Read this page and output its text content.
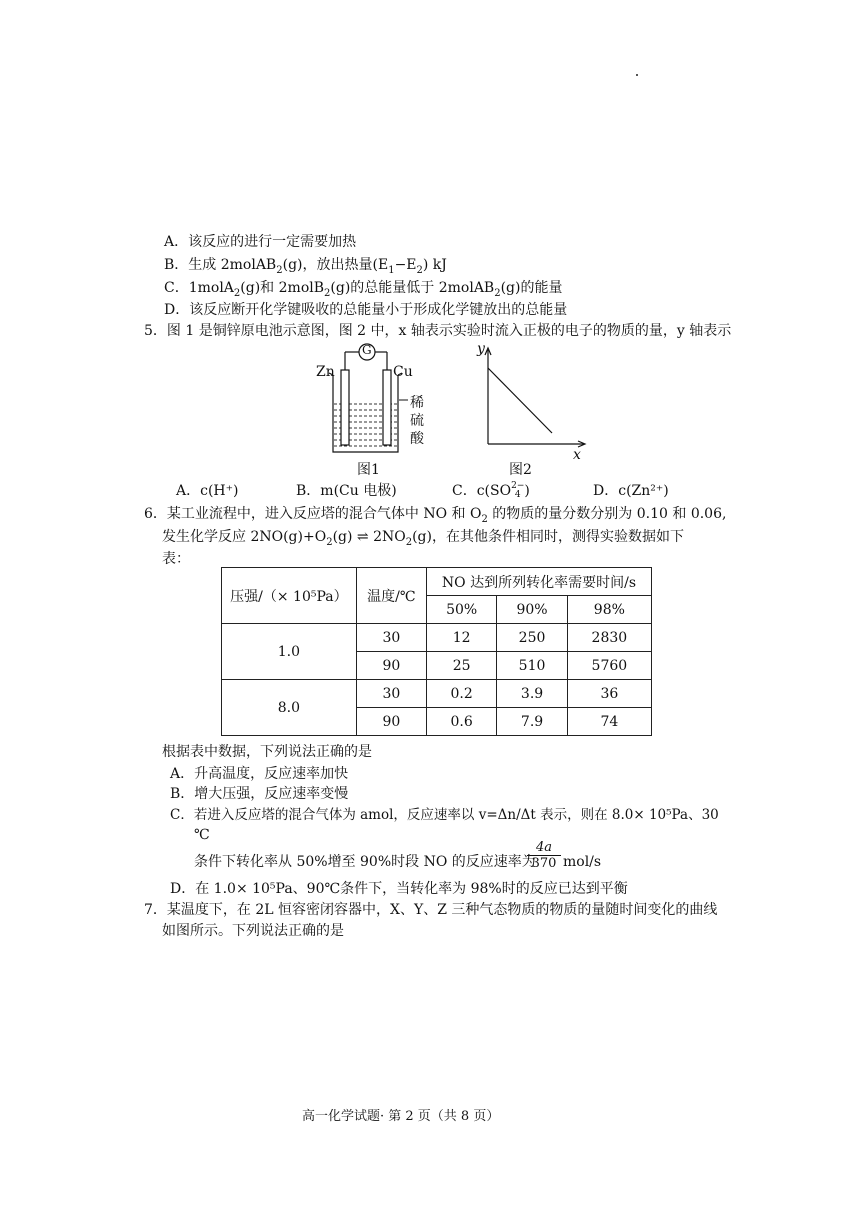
A．该反应的进行一定需要加热
B．生成 2molAB$_2$(g)，放出热量$(E_1-E_2)$ kJ
C．1molA$_2$(g)和 2molB$_2$(g)的总能量低于 2molAB$_2$(g)的能量
D．该反应断开化学键吸收的总能量小于形成化学键放出的总能量
5．图 1 是铜锌原电池示意图，图 2 中，x 轴表示实验时流入正极的电子的物质的量，y 轴表示
Zn	Cu
G
稀
硫
酸
图1
y
x
图2
A．c(H⁺)	B．m(Cu 电极)	C．c(SO 2−
4 )	D．c(Zn²⁺)
6．某工业流程中，进入反应塔的混合气体中 NO 和 $O_2$ 的物质的量分数分别为 0.10 和 0.06,
发生化学反应 $2NO(g)+O_2(g)$ ⇌ $2NO_2(g)$，在其他条件相同时，测得实验数据如下
表：
压强/（× 10⁵Pa）	温度/℃	NO 达到所列转化率需要时间/s		
		50%	90%	98%
1.0	30	12	250	2830
	90	25	510	5760
8.0	30	0.2	3.9	36
	90	0.6	7.9	74
根据表中数据，下列说法正确的是
A．升高温度，反应速率加快
B．增大压强，反应速率变慢
C．若进入反应塔的混合气体为 amol，反应速率以 v=Δn/Δt 表示，则在 8.0× 10⁵Pa、30
℃
条件下转化率从 50%增至 90%时段 NO 的反应速率为
$\frac{4a}{370} mol/s$
D．在 1.0× 10⁵Pa、90℃条件下，当转化率为 98%时的反应已达到平衡
7．某温度下，在 2L 恒容密闭容器中，X、Y、Z 三种气态物质的物质的量随时间变化的曲线
如图所示。下列说法正确的是
高一化学试题· 第 2 页（共 8 页）
